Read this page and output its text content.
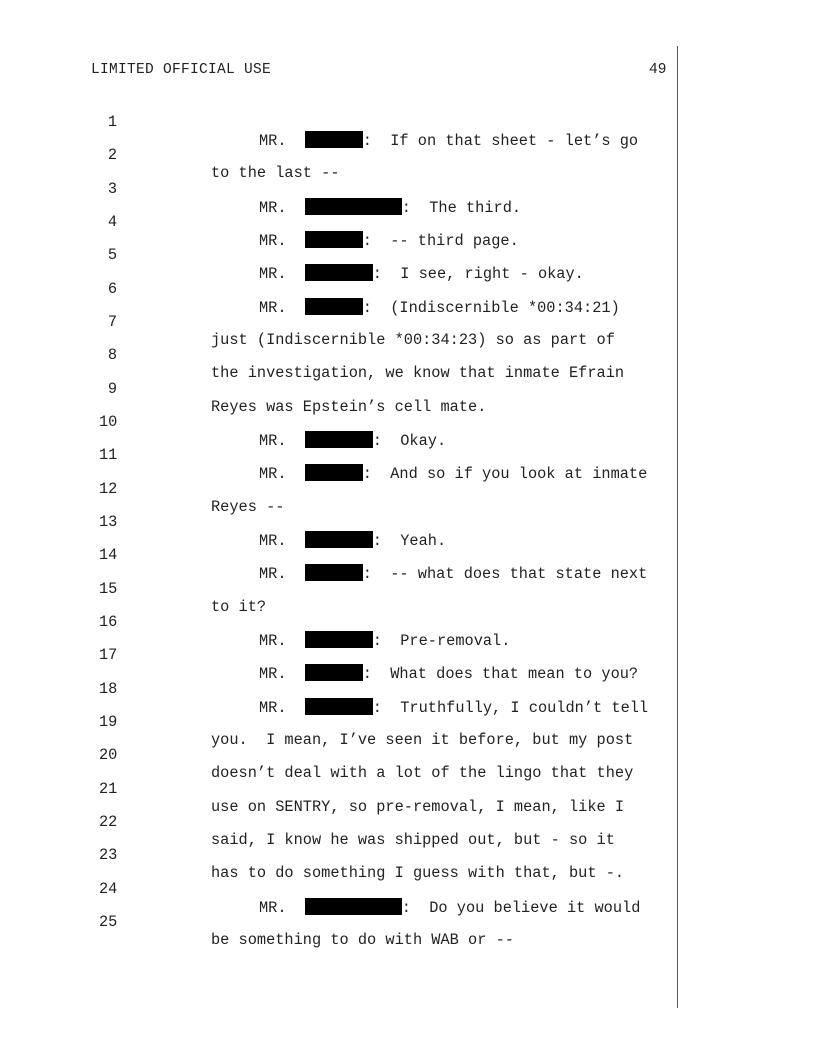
LIMITED OFFICIAL USE	49

1

MR.	:  If on that sheet - let’s go

2

to the last --

3

MR.	:  The third.

4

MR.	:  -- third page.

5

MR.	:  I see, right - okay.

6

MR.	:  (Indiscernible *00:34:21)

7

just (Indiscernible *00:34:23) so as part of

8

the investigation, we know that inmate Efrain

9

Reyes was Epstein’s cell mate.

10

MR.	:  Okay.

11

MR.	:  And so if you look at inmate

12

Reyes --

13

MR.	:  Yeah.

14

MR.	:  -- what does that state next

15

to it?

16

MR.	:  Pre-removal.

17

MR.	:  What does that mean to you?

18

MR.	:  Truthfully, I couldn’t tell

19

you.  I mean, I’ve seen it before, but my post

20

doesn’t deal with a lot of the lingo that they

21

use on SENTRY, so pre-removal, I mean, like I

22

said, I know he was shipped out, but - so it

23

has to do something I guess with that, but -.

24

MR.	:  Do you believe it would

25

be something to do with WAB or --
